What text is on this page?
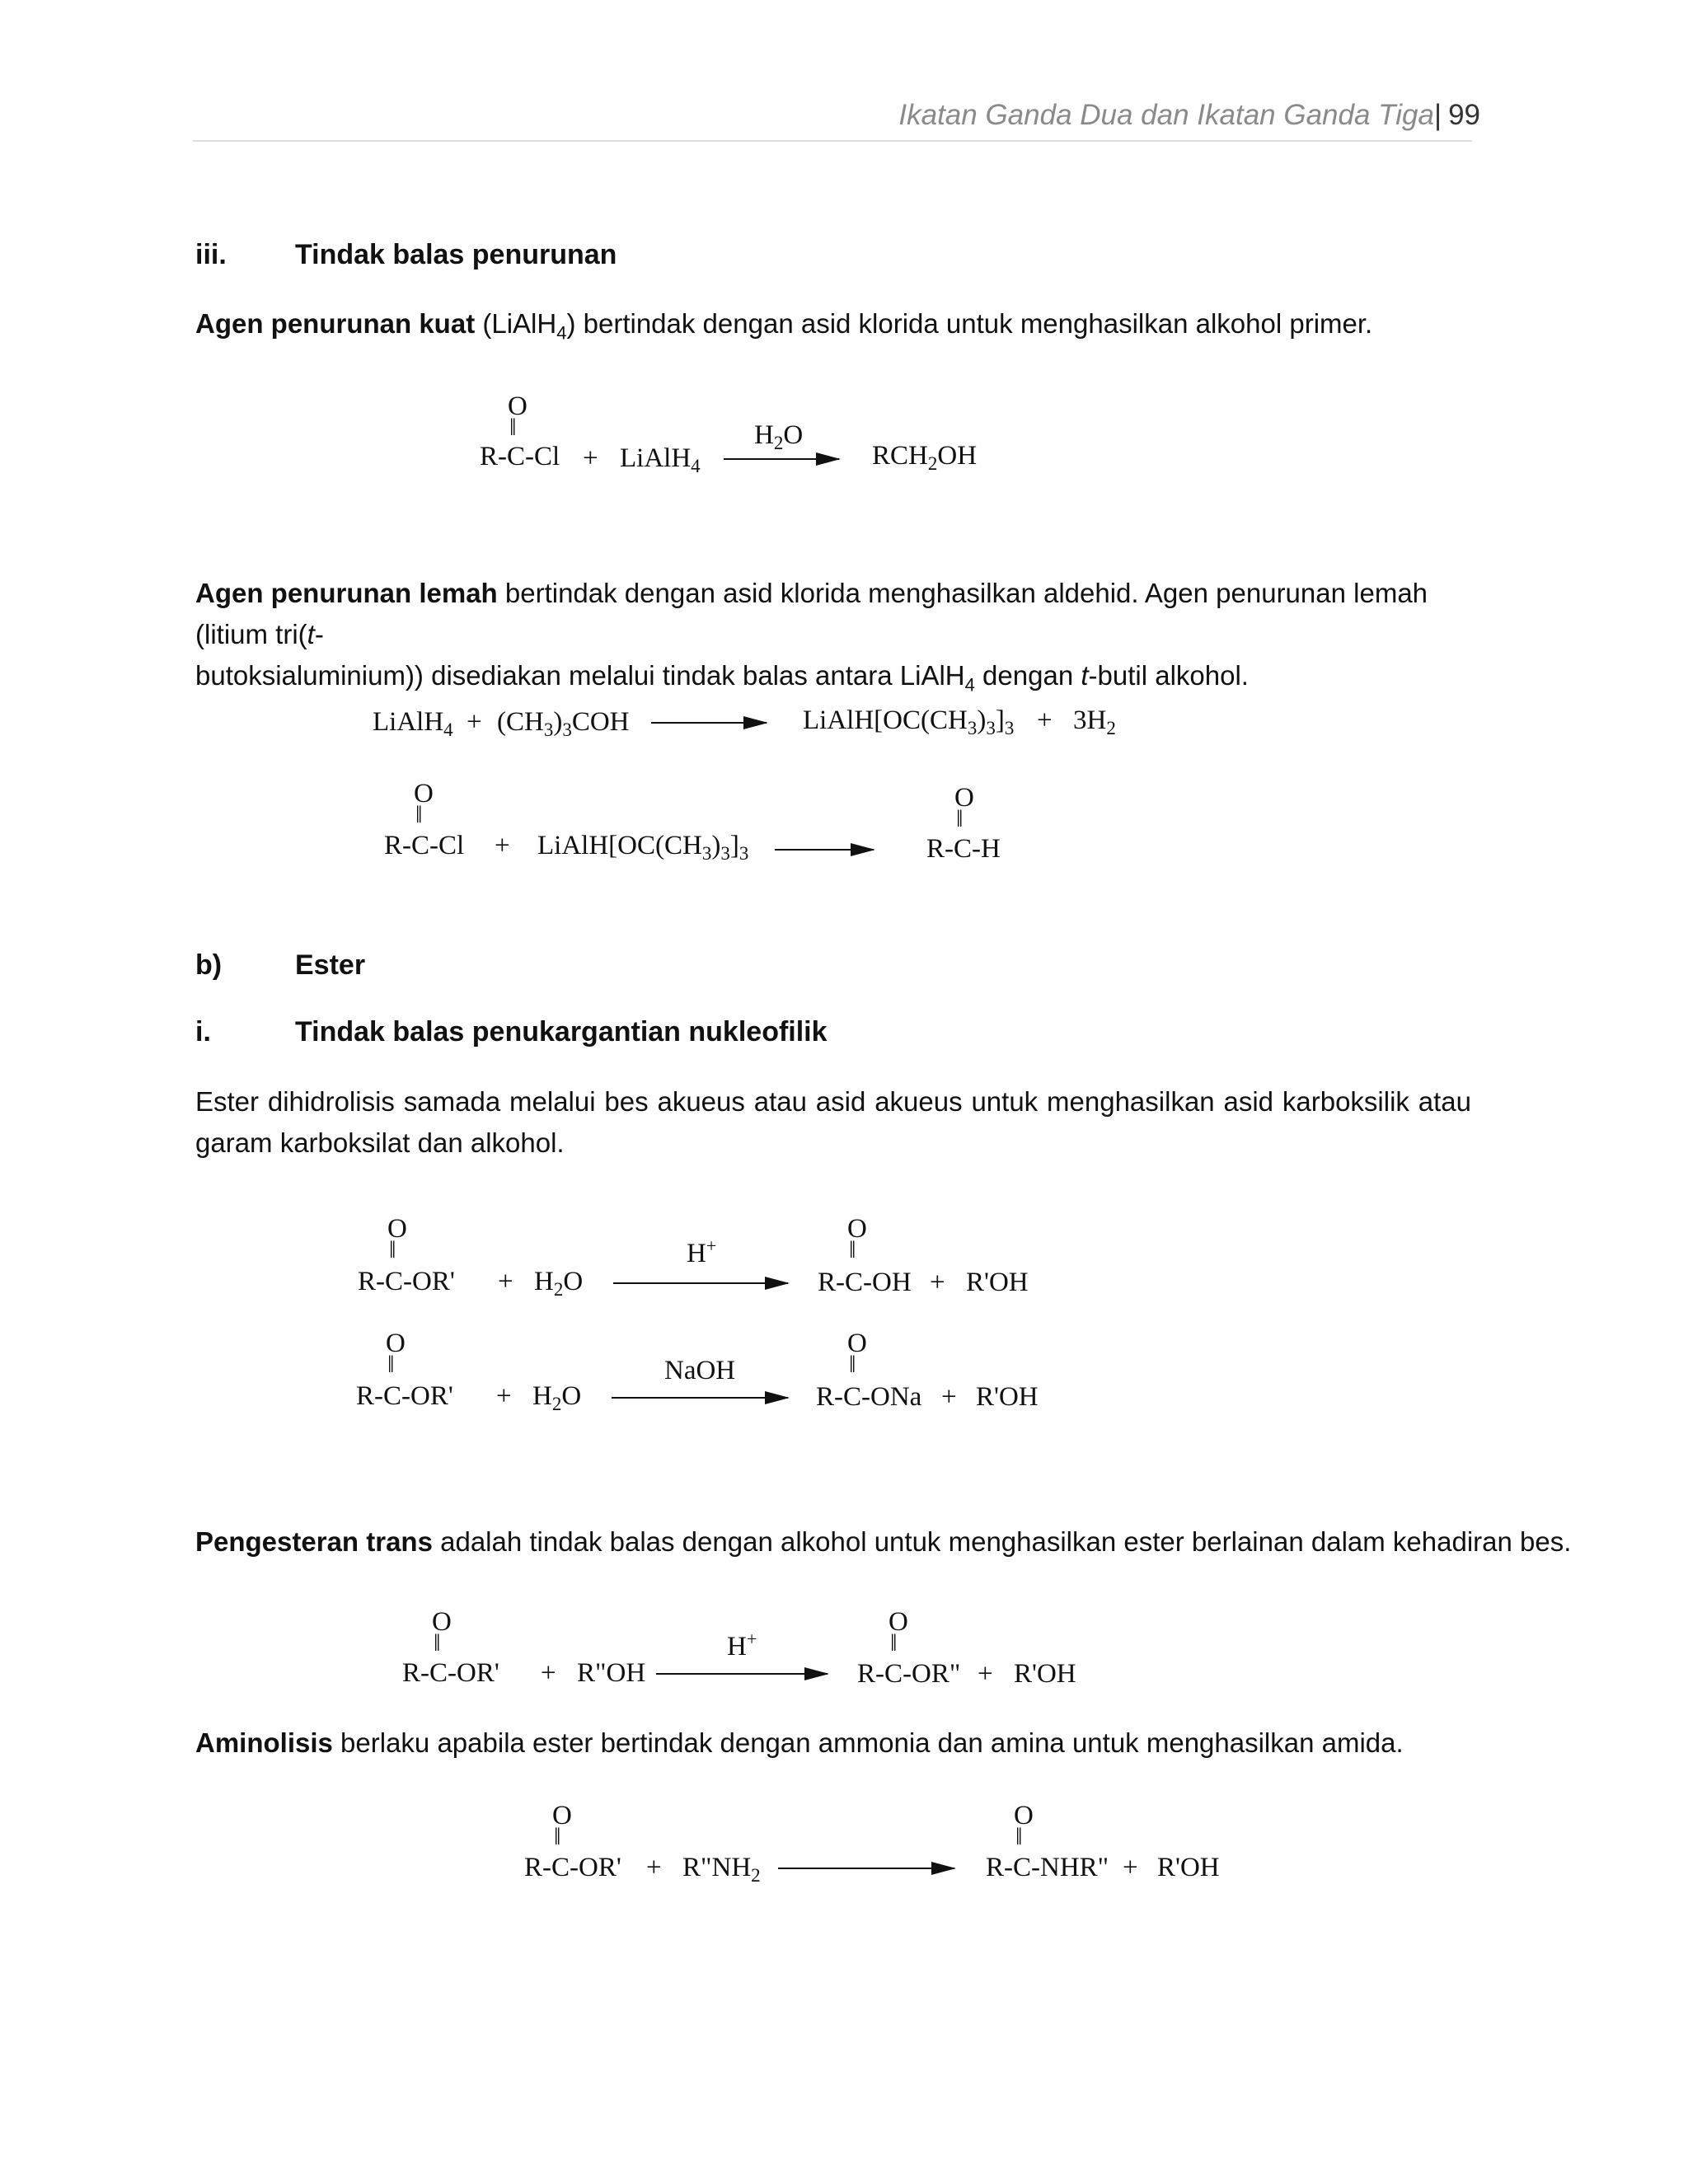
Ikatan Ganda Dua dan Ikatan Ganda Tiga| 99
iii. Tindak balas penurunan
Agen penurunan kuat (LiAlH$_4$) bertindak dengan asid klorida untuk menghasilkan alkohol primer.
O
‖
R-C-Cl + LiAlH$_4$
$H_2O$
$RCH_2OH$
Agen penurunan lemah bertindak dengan asid klorida menghasilkan aldehid. Agen penurunan lemah (litium tri(t-
butoksialuminium)) disediakan melalui tindak balas antara LiAlH$_4$ dengan t-butil alkohol.
LiAlH$_4$ + $(CH_3)_3COH$	$LiAlH[OC(CH_3)_3]_3 + 3H_2$
O
‖
$R-C-Cl + LiAlH[OC(CH_3)_3]_3$ →
O
‖
R-C-H
b)	Ester
i.	Tindak balas penukargantian nukleofilik
Ester dihidrolisis samada melalui bes akueus atau asid akueus untuk menghasilkan asid karboksilik atau garam karboksilat dan alkohol.
O
‖
$R-C-OR' + H_2O$
H+
O
‖
R-C-OH + R'OH
O
‖
$R-C-OR' + H_2O$
NaOH
O
‖
R-C-ONa + R'OH
Pengesteran trans adalah tindak balas dengan alkohol untuk menghasilkan ester berlainan dalam kehadiran bes.
O
‖
R-C-OR' + R"OH
H+
O
‖
R-C-OR" + R'OH
Aminolisis berlaku apabila ester bertindak dengan ammonia dan amina untuk menghasilkan amida.
O
‖
$R-C-OR' + R"NH_2$
O
‖
R-C-NHR" + R'OH
